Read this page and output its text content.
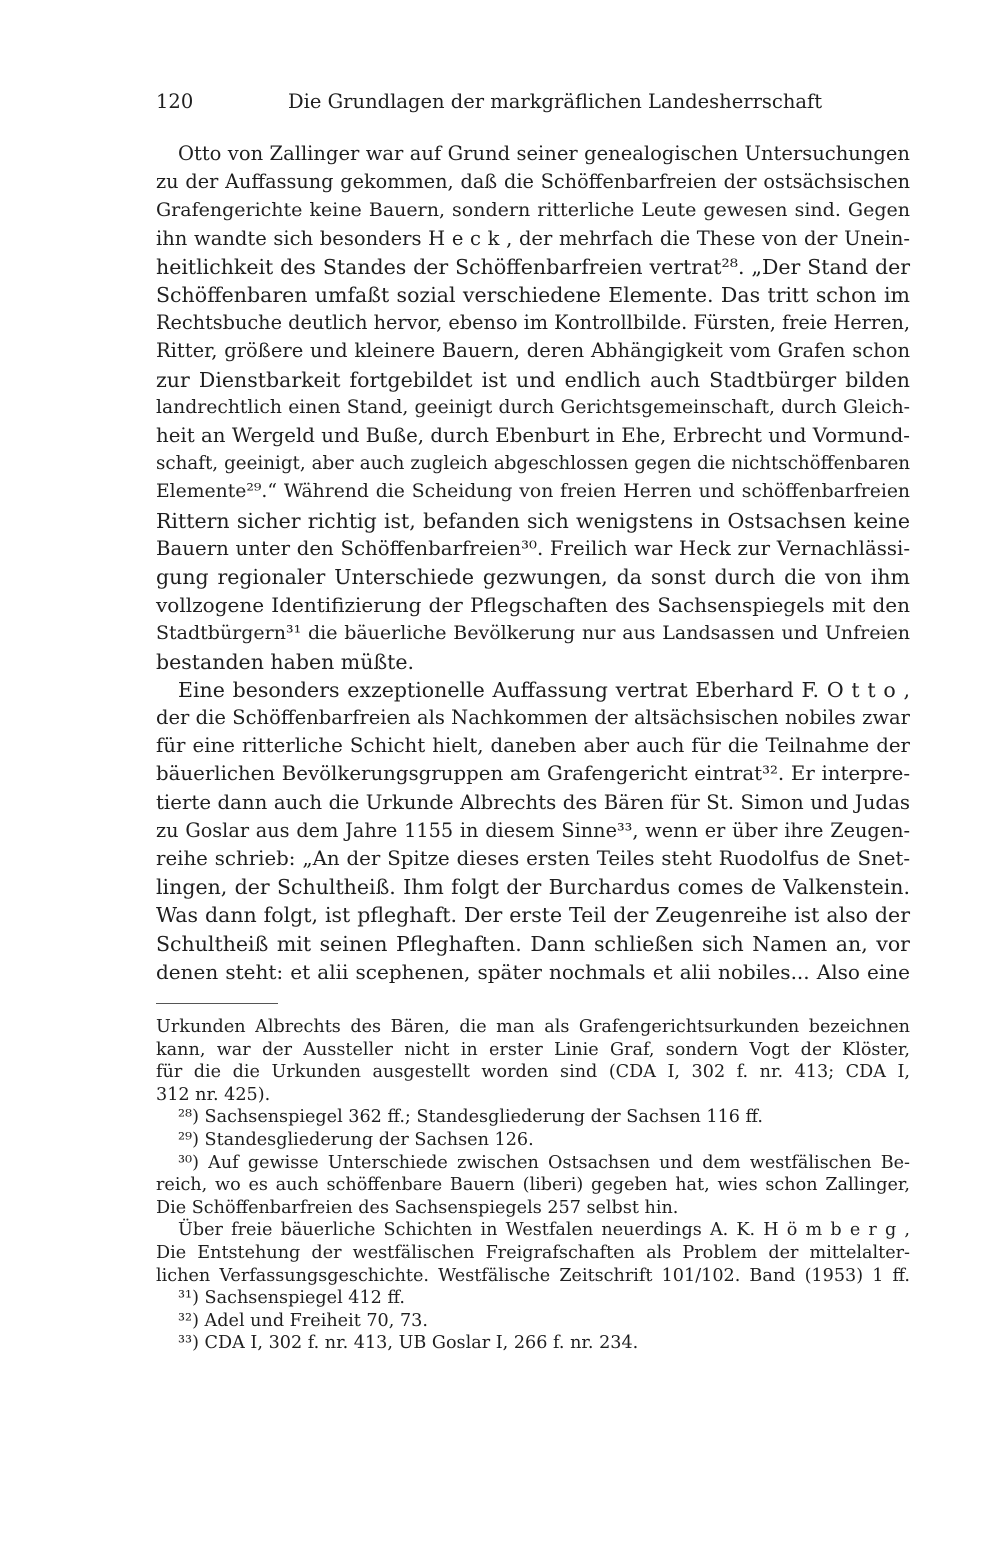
120	Die Grundlagen der markgräflichen Landesherrschaft
Otto von Zallinger war auf Grund seiner genealogischen Untersuchungen
zu der Auffassung gekommen, daß die Schöffenbarfreien der ostsächsischen
Grafengerichte keine Bauern, sondern ritterliche Leute gewesen sind. Gegen
ihn wandte sich besonders H e c k , der mehrfach die These von der Unein-
heitlichkeit des Standes der Schöffenbarfreien vertrat²⁸. „Der Stand der
Schöffenbaren umfaßt sozial verschiedene Elemente. Das tritt schon im
Rechtsbuche deutlich hervor, ebenso im Kontrollbilde. Fürsten, freie Herren,
Ritter, größere und kleinere Bauern, deren Abhängigkeit vom Grafen schon
zur Dienstbarkeit fortgebildet ist und endlich auch Stadtbürger bilden
landrechtlich einen Stand, geeinigt durch Gerichtsgemeinschaft, durch Gleich-
heit an Wergeld und Buße, durch Ebenburt in Ehe, Erbrecht und Vormund-
schaft, geeinigt, aber auch zugleich abgeschlossen gegen die nichtschöffenbaren
Elemente²⁹.“ Während die Scheidung von freien Herren und schöffenbarfreien
Rittern sicher richtig ist, befanden sich wenigstens in Ostsachsen keine
Bauern unter den Schöffenbarfreien³⁰. Freilich war Heck zur Vernachlässi-
gung regionaler Unterschiede gezwungen, da sonst durch die von ihm
vollzogene Identifizierung der Pflegschaften des Sachsenspiegels mit den
Stadtbürgern³¹ die bäuerliche Bevölkerung nur aus Landsassen und Unfreien
bestanden haben müßte.
Eine besonders exzeptionelle Auffassung vertrat Eberhard F. O t t o ,
der die Schöffenbarfreien als Nachkommen der altsächsischen nobiles zwar
für eine ritterliche Schicht hielt, daneben aber auch für die Teilnahme der
bäuerlichen Bevölkerungsgruppen am Grafengericht eintrat³². Er interpre-
tierte dann auch die Urkunde Albrechts des Bären für St. Simon und Judas
zu Goslar aus dem Jahre 1155 in diesem Sinne³³, wenn er über ihre Zeugen-
reihe schrieb: „An der Spitze dieses ersten Teiles steht Ruodolfus de Snet-
lingen, der Schultheiß. Ihm folgt der Burchardus comes de Valkenstein.
Was dann folgt, ist pfleghaft. Der erste Teil der Zeugenreihe ist also der
Schultheiß mit seinen Pfleghaften. Dann schließen sich Namen an, vor
denen steht: et alii scephenen, später nochmals et alii nobiles... Also eine
Urkunden Albrechts des Bären, die man als Grafengerichtsurkunden bezeichnen
kann, war der Aussteller nicht in erster Linie Graf, sondern Vogt der Klöster,
für die die Urkunden ausgestellt worden sind (CDA I, 302 f. nr. 413; CDA I,
312 nr. 425).
²⁸) Sachsenspiegel 362 ff.; Standesgliederung der Sachsen 116 ff.
²⁹) Standesgliederung der Sachsen 126.
³⁰) Auf gewisse Unterschiede zwischen Ostsachsen und dem westfälischen Be-
reich, wo es auch schöffenbare Bauern (liberi) gegeben hat, wies schon Zallinger,
Die Schöffenbarfreien des Sachsenspiegels 257 selbst hin.
Über freie bäuerliche Schichten in Westfalen neuerdings A. K. H ö m b e r g ,
Die Entstehung der westfälischen Freigrafschaften als Problem der mittelalter-
lichen Verfassungsgeschichte. Westfälische Zeitschrift 101/102. Band (1953) 1 ff.
³¹) Sachsenspiegel 412 ff.
³²) Adel und Freiheit 70, 73.
³³) CDA I, 302 f. nr. 413, UB Goslar I, 266 f. nr. 234.
